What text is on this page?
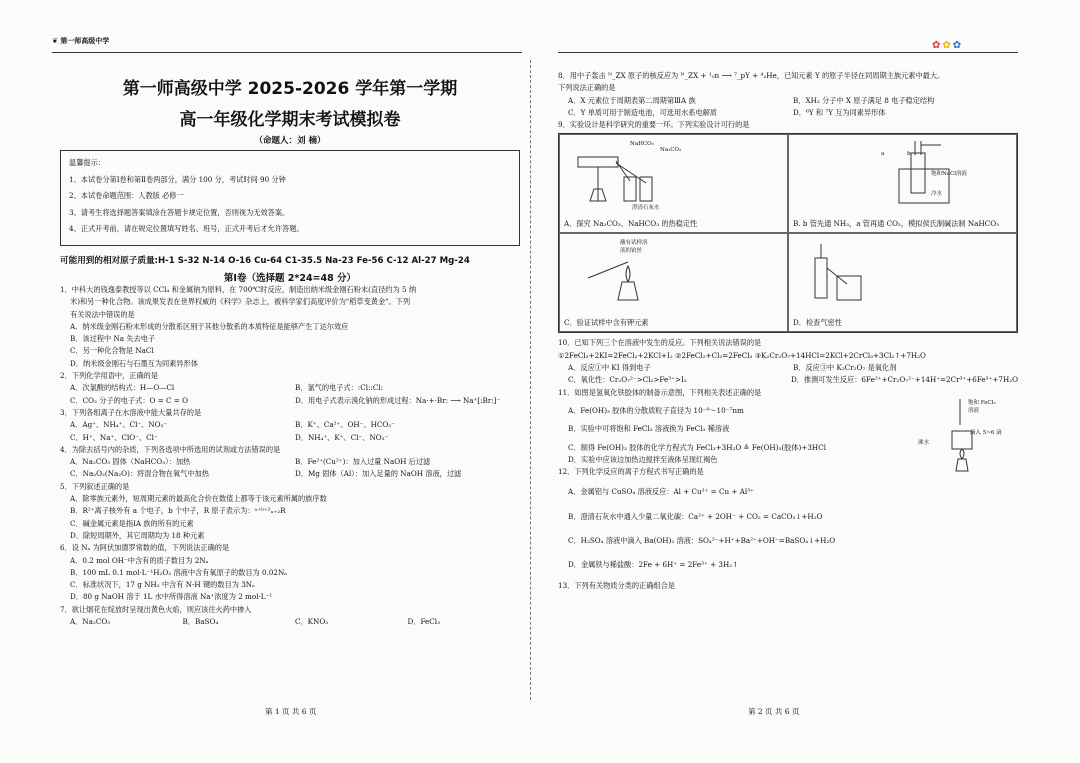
❦ 第一师高级中学	✿✿✿
第一师高级中学 2025-2026 学年第一学期
高一年级化学期末考试模拟卷
（命题人：刘 楠）
温馨提示：
1、本试卷分第Ⅰ卷和第Ⅱ卷两部分，满分 100 分，考试时间 90 分钟
2、本试卷命题范围：人教版 必修一
3、请考生将选择题答案填涂在答题卡规定位置，否则视为无效答案。
4、正式开考前，请在规定位置填写姓名、班号，正式开考后才允许答题。
可能用到的相对原子质量:H-1 S-32 N-14 O-16 Cu-64 C1-35.5 Na-23 Fe-56 C-12 Al-27 Mg-24
第Ⅰ卷（选择题 2*24=48 分）
1．中科大的钱逸泰教授等以 CCl₄ 和金属钠为原料，在 700℃时反应，制造出纳米级金刚石粉末(直径约为 5 纳
米)和另一种化合物。该成果发表在世界权威的《科学》杂志上，被科学家们高度评价为"稻草变黄金"。下列
有关说法中错误的是
A．纳米级金刚石粉末形成的分散系区别于其他分散系的本质特征是能够产生丁达尔效应
B．该过程中 Na 失去电子
C．另一种化合物是 NaCl
D．纳米级金刚石与石墨互为同素异形体
2．下列化学用语中，正确的是
A．次氯酸的结构式：H—O—Cl	B．氯气的电子式：:Cl::Cl:
C．CO₂ 分子的电子式：O = C = O	D．用电子式表示溴化钠的形成过程：Na·+·Br: ⟶ Na⁺[:Br:]⁻
3．下列各组离子在水溶液中能大量共存的是
A．Ag⁺、NH₄⁺、Cl⁻、NO₃⁻	B．K⁺、Ca²⁺、OH⁻、HCO₃⁻
C．H⁺、Na⁺、ClO⁻、Cl⁻	D．NH₄⁺、K⁺、Cl⁻、NO₃⁻
4．为除去括号内的杂质，下列各选项中所选用的试剂或方法错误的是
A．Na₂CO₃ 固体（NaHCO₃）：加热	B．Fe²⁺(Cu²⁺)：加入过量 NaOH 后过滤
C．Na₂O₂(Na₂O)：将混合物在氧气中加热	D．Mg 固体（Al）：加入足量的 NaOH 溶液，过滤
5．下列叙述正确的是
A．除零族元素外，短周期元素的最高化合价在数值上都等于该元素所属的族序数
B．R²⁺离子核外有 a 个电子，b 个中子，R 原子表示为：ᵃ⁺ᵇ⁺²ₐ₊₂R
C．碱金属元素是指ⅠA 族的所有的元素
D．除短周期外，其它周期均为 18 种元素
6．设 Nₐ 为阿伏加德罗常数的值，下列说法正确的是
A．0.2 mol OH⁻中含有的质子数目为 2Nₐ
B．100 mL 0.1 mol·L⁻¹H₂O₂ 溶液中含有氧原子的数目为 0.02Nₐ
C．标准状况下，17 g NH₃ 中含有 N-H 键的数目为 3Nₐ
D．80 g NaOH 溶于 1L 水中所得溶液 Na⁺浓度为 2 mol·L⁻¹
7．欲让烟花在绽放时呈现出黄色火焰，则应该往火药中掺入
A．Na₂CO₃	B．BaSO₄	C．KNO₃	D．FeCl₃
8．用中子轰击 ᴺ_ZX 原子的核反应为 ᴺ_ZX + ¹₀n ⟶ ⁷_pY + ⁴₂He，已知元素 Y 的原子半径在同周期主族元素中最大。
下列说法正确的是
A．X 元素位于周期表第二周期第ⅢA 族	B．XH₃ 分子中 X 原子满足 8 电子稳定结构
C．Y 单质可用于制造电池，可选用水系电解质	D．⁶Y 和 ⁷Y 互为同素异形体
9．实验设计是科学研究的重要一环。下列实验设计可行的是
NaHCO₃
Na₂CO₃
澄清石灰水
A．探究 Na₂CO₃、NaHCO₃ 的热稳定性
a	b
饱和NaCl溶液
冷水
B. b 管先通 NH₃，a 管再通 CO₂，模拟侯氏制碱法制 NaHCO₃
蘸有试样溶
液的铂丝
C．验证试样中含有钾元素	D．检查气密性
10．已知下列三个在溶液中发生的反应。下列相关说法错误的是
①2FeCl₃+2KI=2FeCl₂+2KCl+I₂ ②2FeCl₂+Cl₂=2FeCl₃ ③K₂Cr₂O₇+14HCl=2KCl+2CrCl₃+3Cl₂↑+7H₂O
A．反应①中 KI 得到电子	B．反应③中 K₂Cr₂O₇ 是氧化剂
C．氧化性：Cr₂O₇²⁻>Cl₂>Fe³⁺>I₂	D．推测可发生反应：6Fe²⁺+Cr₂O₇²⁻+14H⁺=2Cr³⁺+6Fe³⁺+7H₂O
11．如图是氢氧化铁胶体的制备示意图，下列相关表述正确的是
饱和 FeCl₃
溶液
滴入 5~6 滴
沸水
A．Fe(OH)₃ 胶体的分散质粒子直径为 10⁻⁹～10⁻⁷nm
B．实验中可将饱和 FeCl₃ 溶液换为 FeCl₃ 稀溶液
C．制得 Fe(OH)₃ 胶体的化学方程式为 FeCl₃+3H₂O ≜ Fe(OH)₃(胶体)+3HCl
D．实验中应该边加热边搅拌至液体呈现红褐色
12．下列化学反应的离子方程式书写正确的是
A．金属铝与 CuSO₄ 溶液反应：Al + Cu²⁺ = Cu + Al³⁺
B．澄清石灰水中通入少量二氧化碳：Ca²⁺ + 2OH⁻ + CO₂ = CaCO₃↓+H₂O
C．H₂SO₄ 溶液中滴入 Ba(OH)₂ 溶液：SO₄²⁻+H⁺+Ba²⁺+OH⁻=BaSO₄↓+H₂O
D．金属铁与稀盐酸：2Fe + 6H⁺ = 2Fe³⁺ + 3H₂↑
13．下列有关物质分类的正确组合是
第 1 页 共 6 页	第 2 页 共 6 页
